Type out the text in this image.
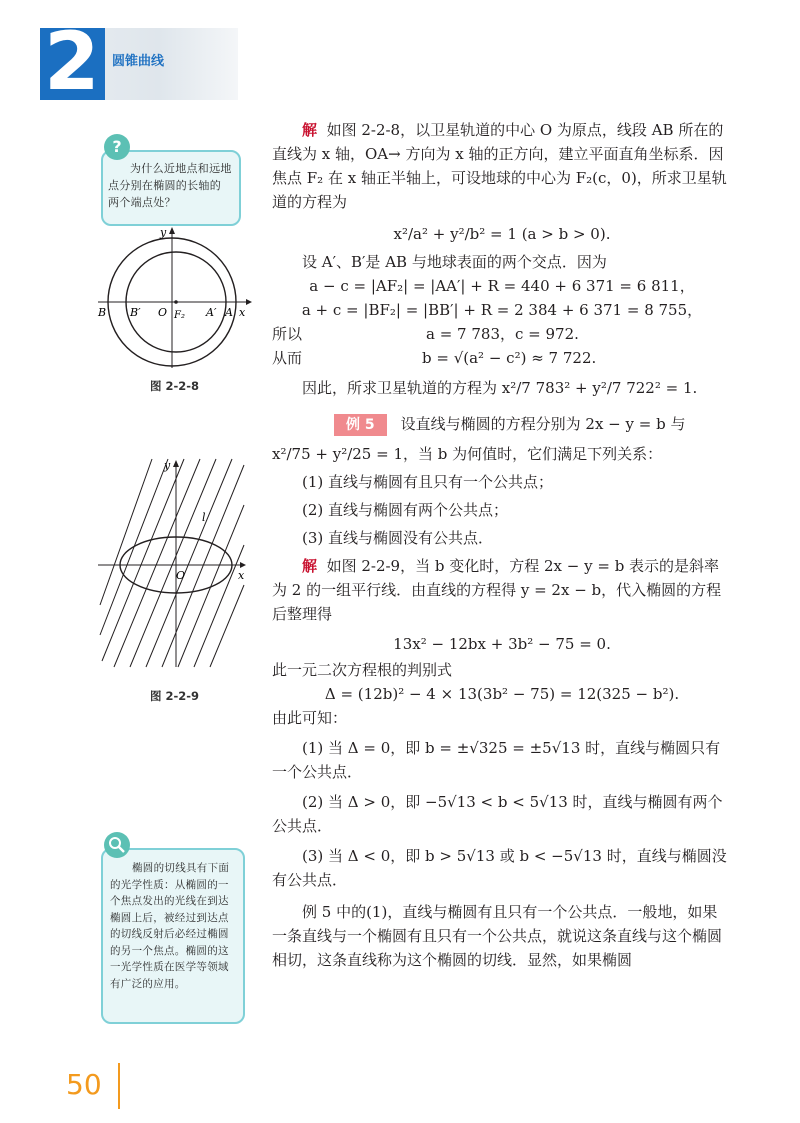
2 圆锥曲线
?
为什么近地点和远地点分别在椭圆的长轴的两个端点处？
y
B B′ O F₂ A′ A x
图 2-2-8
y
l
O	x
图 2-2-9
椭圆的切线具有下面的光学性质：从椭圆的一个焦点发出的光线在到达椭圆上后，被经过到达点的切线反射后必经过椭圆的另一个焦点。椭圆的这一光学性质在医学等领域有广泛的应用。

解 如图 2-2-8，以卫星轨道的中心 O 为原点，线段 AB 所在的直线为 x 轴，OA→ 方向为 x 轴的正方向，建立平面直角坐标系．因焦点 F₂ 在 x 轴正半轴上，可设地球的中心为 F₂(c，0)，所求卫星轨道的方程为

x²/a² + y²/b² = 1 (a > b > 0).

设 A′、B′是 AB 与地球表面的两个交点．因为

a − c = |AF₂| = |AA′| + R = 440 + 6 371 = 6 811，

a + c = |BF₂| = |BB′| + R = 2 384 + 6 371 = 8 755，

所以	a = 7 783，c = 972.
从而	b = √(a² − c²) ≈ 7 722.

因此，所求卫星轨道的方程为 x²/7 783² + y²/7 722² = 1.

例 5 设直线与椭圆的方程分别为 2x − y = b 与

x²/75 + y²/25 = 1，当 b 为何值时，它们满足下列关系：

(1) 直线与椭圆有且只有一个公共点；

(2) 直线与椭圆有两个公共点；

(3) 直线与椭圆没有公共点．

解 如图 2-2-9，当 b 变化时，方程 2x − y = b 表示的是斜率为 2 的一组平行线．由直线的方程得 y = 2x − b，代入椭圆的方程后整理得

13x² − 12bx + 3b² − 75 = 0.

此一元二次方程根的判别式

Δ = (12b)² − 4 × 13(3b² − 75) = 12(325 − b²).

由此可知：

(1) 当 Δ = 0，即 b = ±√325 = ±5√13 时，直线与椭圆只有一个公共点．

(2) 当 Δ > 0，即 −5√13 < b < 5√13 时，直线与椭圆有两个公共点．

(3) 当 Δ < 0，即 b > 5√13 或 b < −5√13 时，直线与椭圆没有公共点．

例 5 中的(1)，直线与椭圆有且只有一个公共点．一般地，如果一条直线与一个椭圆有且只有一个公共点，就说这条直线与这个椭圆相切，这条直线称为这个椭圆的切线．显然，如果椭圆

50
